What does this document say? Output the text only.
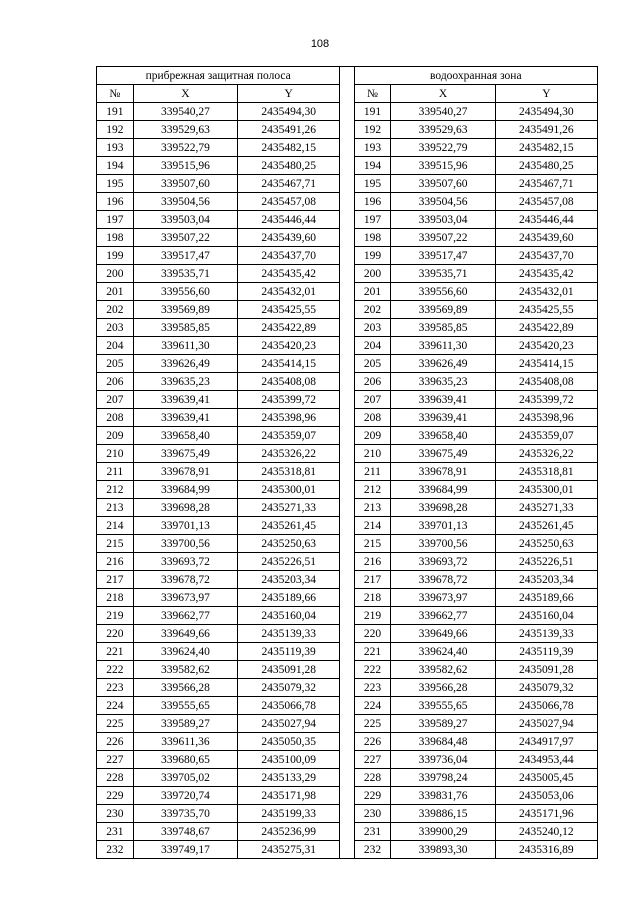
108
прибрежная защитная полоса				водоохранная зона		
№	X	Y		№	X	Y
191	339540,27	2435494,30		191	339540,27	2435494,30
192	339529,63	2435491,26		192	339529,63	2435491,26
193	339522,79	2435482,15		193	339522,79	2435482,15
194	339515,96	2435480,25		194	339515,96	2435480,25
195	339507,60	2435467,71		195	339507,60	2435467,71
196	339504,56	2435457,08		196	339504,56	2435457,08
197	339503,04	2435446,44		197	339503,04	2435446,44
198	339507,22	2435439,60		198	339507,22	2435439,60
199	339517,47	2435437,70		199	339517,47	2435437,70
200	339535,71	2435435,42		200	339535,71	2435435,42
201	339556,60	2435432,01		201	339556,60	2435432,01
202	339569,89	2435425,55		202	339569,89	2435425,55
203	339585,85	2435422,89		203	339585,85	2435422,89
204	339611,30	2435420,23		204	339611,30	2435420,23
205	339626,49	2435414,15		205	339626,49	2435414,15
206	339635,23	2435408,08		206	339635,23	2435408,08
207	339639,41	2435399,72		207	339639,41	2435399,72
208	339639,41	2435398,96		208	339639,41	2435398,96
209	339658,40	2435359,07		209	339658,40	2435359,07
210	339675,49	2435326,22		210	339675,49	2435326,22
211	339678,91	2435318,81		211	339678,91	2435318,81
212	339684,99	2435300,01		212	339684,99	2435300,01
213	339698,28	2435271,33		213	339698,28	2435271,33
214	339701,13	2435261,45		214	339701,13	2435261,45
215	339700,56	2435250,63		215	339700,56	2435250,63
216	339693,72	2435226,51		216	339693,72	2435226,51
217	339678,72	2435203,34		217	339678,72	2435203,34
218	339673,97	2435189,66		218	339673,97	2435189,66
219	339662,77	2435160,04		219	339662,77	2435160,04
220	339649,66	2435139,33		220	339649,66	2435139,33
221	339624,40	2435119,39		221	339624,40	2435119,39
222	339582,62	2435091,28		222	339582,62	2435091,28
223	339566,28	2435079,32		223	339566,28	2435079,32
224	339555,65	2435066,78		224	339555,65	2435066,78
225	339589,27	2435027,94		225	339589,27	2435027,94
226	339611,36	2435050,35		226	339684,48	2434917,97
227	339680,65	2435100,09		227	339736,04	2434953,44
228	339705,02	2435133,29		228	339798,24	2435005,45
229	339720,74	2435171,98		229	339831,76	2435053,06
230	339735,70	2435199,33		230	339886,15	2435171,96
231	339748,67	2435236,99		231	339900,29	2435240,12
232	339749,17	2435275,31		232	339893,30	2435316,89
